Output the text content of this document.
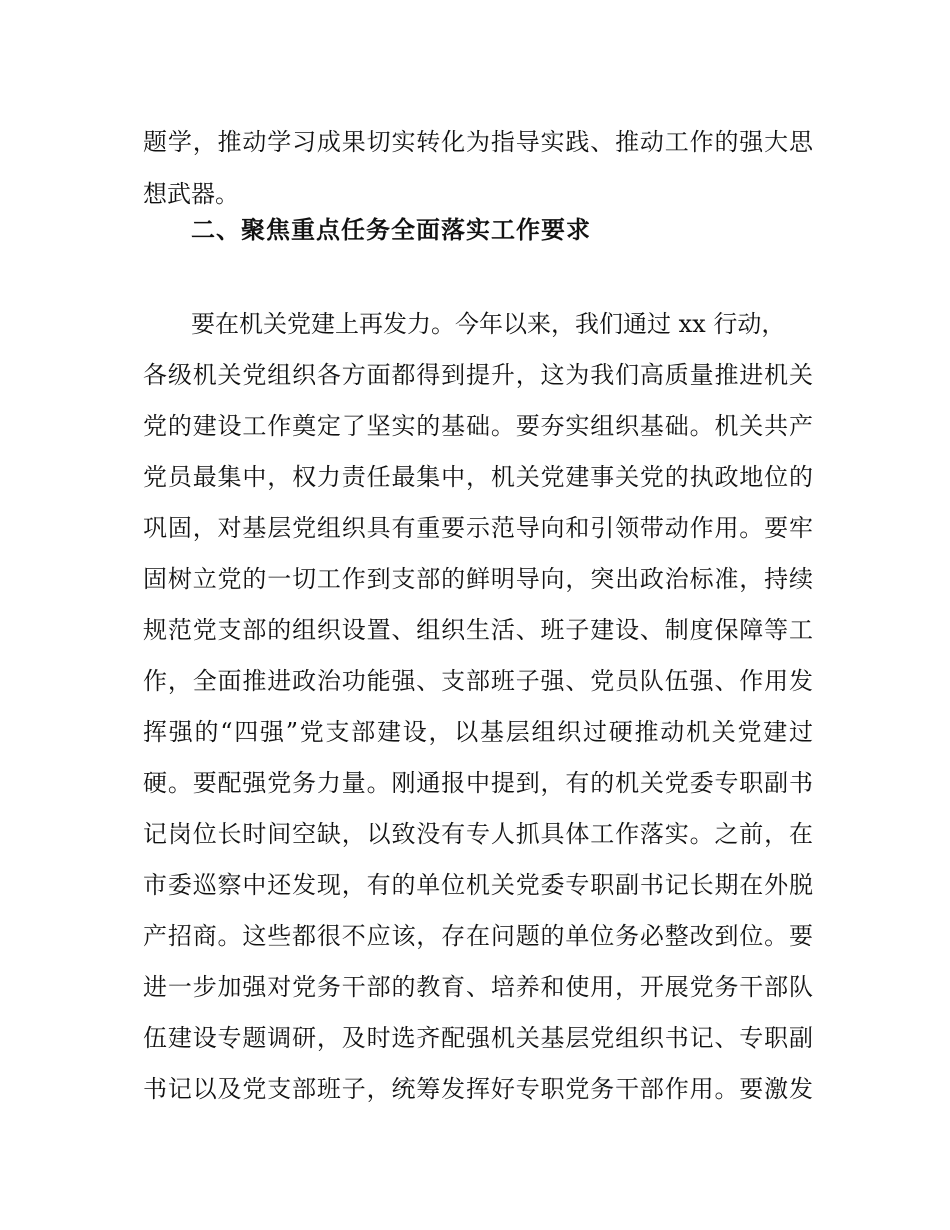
题学，推动学习成果切实转化为指导实践、推动工作的强大思
想武器。
二、聚焦重点任务全面落实工作要求
要在机关党建上再发力。今年以来，我们通过 xx 行动，
各级机关党组织各方面都得到提升，这为我们高质量推进机关
党的建设工作奠定了坚实的基础。要夯实组织基础。机关共产
党员最集中，权力责任最集中，机关党建事关党的执政地位的
巩固，对基层党组织具有重要示范导向和引领带动作用。要牢
固树立党的一切工作到支部的鲜明导向，突出政治标准，持续
规范党支部的组织设置、组织生活、班子建设、制度保障等工
作，全面推进政治功能强、支部班子强、党员队伍强、作用发
挥强的“四强”党支部建设，以基层组织过硬推动机关党建过
硬。要配强党务力量。刚通报中提到，有的机关党委专职副书
记岗位长时间空缺，以致没有专人抓具体工作落实。之前，在
市委巡察中还发现，有的单位机关党委专职副书记长期在外脱
产招商。这些都很不应该，存在问题的单位务必整改到位。要
进一步加强对党务干部的教育、培养和使用，开展党务干部队
伍建设专题调研，及时选齐配强机关基层党组织书记、专职副
书记以及党支部班子，统筹发挥好专职党务干部作用。要激发
